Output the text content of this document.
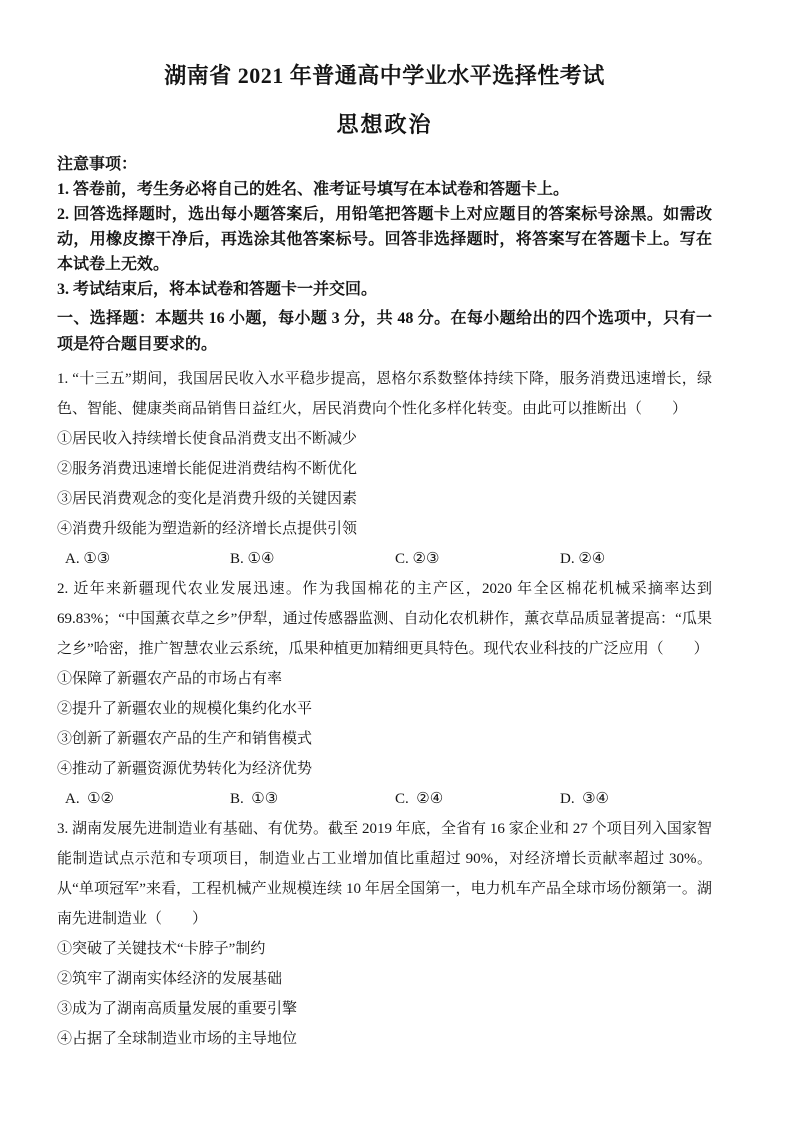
湖南省 2021 年普通高中学业水平选择性考试
思想政治
注意事项：
1. 答卷前，考生务必将自己的姓名、准考证号填写在本试卷和答题卡上。
2. 回答选择题时，选出每小题答案后，用铅笔把答题卡上对应题目的答案标号涂黑。如需改动，用橡皮擦干净后，再选涂其他答案标号。回答非选择题时，将答案写在答题卡上。写在本试卷上无效。
3. 考试结束后，将本试卷和答题卡一并交回。
一、选择题：本题共 16 小题，每小题 3 分，共 48 分。在每小题给出的四个选项中，只有一项是符合题目要求的。

1. “十三五”期间，我国居民收入水平稳步提高，恩格尔系数整体持续下降，服务消费迅速增长，绿色、智能、健康类商品销售日益红火，居民消费向个性化多样化转变。由此可以推断出（　　）

①居民收入持续增长使食品消费支出不断减少
②服务消费迅速增长能促进消费结构不断优化
③居民消费观念的变化是消费升级的关键因素
④消费升级能为塑造新的经济增长点提供引领
A. ①③	B. ①④	C. ②③	D. ②④

2. 近年来新疆现代农业发展迅速。作为我国棉花的主产区，2020 年全区棉花机械采摘率达到 69.83%；“中国薰衣草之乡”伊犁，通过传感器监测、自动化农机耕作，薰衣草品质显著提高：“瓜果之乡”哈密，推广智慧农业云系统，瓜果种植更加精细更具特色。现代农业科技的广泛应用（　　）

①保障了新疆农产品的市场占有率
②提升了新疆农业的规模化集约化水平
③创新了新疆农产品的生产和销售模式
④推动了新疆资源优势转化为经济优势
A.  ①②	B.  ①③	C.  ②④	D.  ③④

3. 湖南发展先进制造业有基础、有优势。截至 2019 年底，全省有 16 家企业和 27 个项目列入国家智能制造试点示范和专项项目，制造业占工业增加值比重超过 90%，对经济增长贡献率超过 30%。从“单项冠军”来看，工程机械产业规模连续 10 年居全国第一，电力机车产品全球市场份额第一。湖南先进制造业（　　）

①突破了关键技术“卡脖子”制约
②筑牢了湖南实体经济的发展基础
③成为了湖南高质量发展的重要引擎
④占据了全球制造业市场的主导地位
